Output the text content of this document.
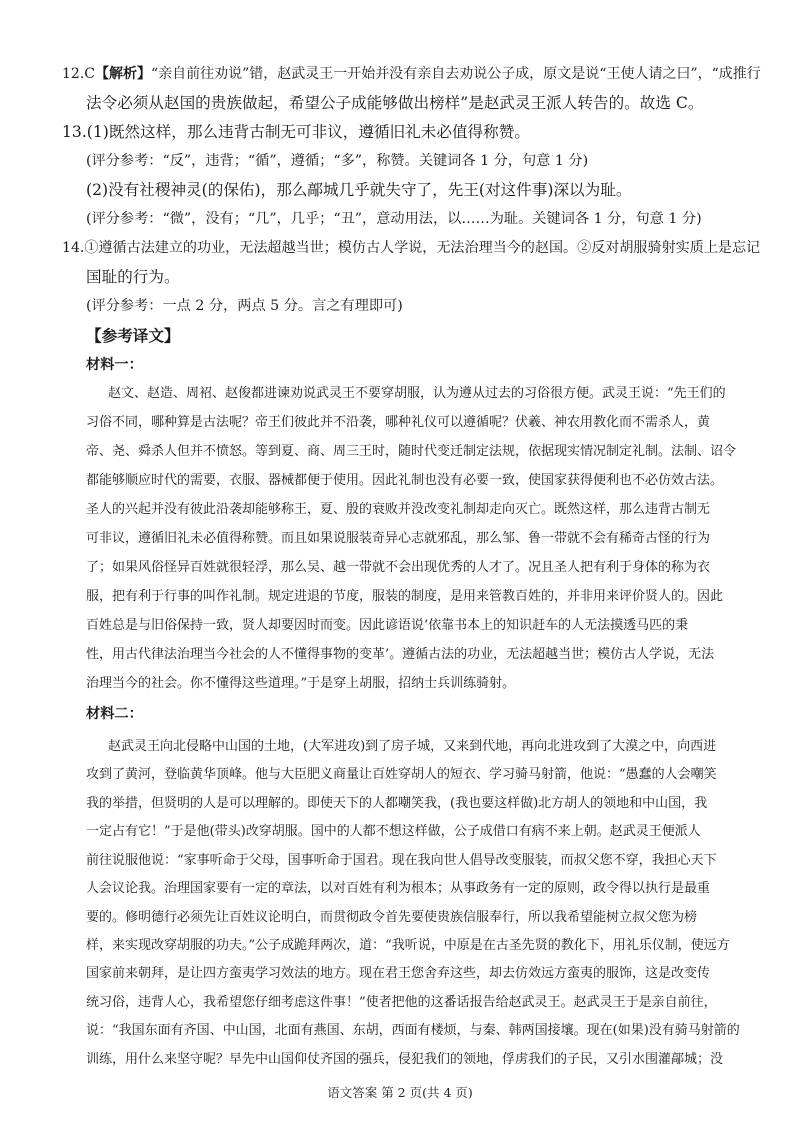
12.C【解析】“亲自前往劝说”错，赵武灵王一开始并没有亲自去劝说公子成，原文是说“王使人请之曰”，“成推行
法令必须从赵国的贵族做起，希望公子成能够做出榜样”是赵武灵王派人转告的。故选 C。
13.(1)既然这样，那么违背古制无可非议，遵循旧礼未必值得称赞。
(评分参考：“反”，违背；“循”，遵循；“多”，称赞。关键词各 1 分，句意 1 分)
(2)没有社稷神灵(的保佑)，那么鄗城几乎就失守了，先王(对这件事)深以为耻。
(评分参考：“微”，没有；“几”，几乎；“丑”，意动用法，以……为耻。关键词各 1 分，句意 1 分)
14.①遵循古法建立的功业，无法超越当世；模仿古人学说，无法治理当今的赵国。②反对胡服骑射实质上是忘记
国耻的行为。
(评分参考：一点 2 分，两点 5 分。言之有理即可)
【参考译文】
材料一：
赵文、赵造、周袑、赵俊都进谏劝说武灵王不要穿胡服，认为遵从过去的习俗很方便。武灵王说：“先王们的
习俗不同，哪种算是古法呢？帝王们彼此并不沿袭，哪种礼仪可以遵循呢？伏羲、神农用教化而不需杀人，黄
帝、尧、舜杀人但并不愤怒。等到夏、商、周三王时，随时代变迁制定法规，依据现实情况制定礼制。法制、诏令
都能够顺应时代的需要，衣服、器械都便于使用。因此礼制也没有必要一致，使国家获得便利也不必仿效古法。
圣人的兴起并没有彼此沿袭却能够称王，夏、殷的衰败并没改变礼制却走向灭亡。既然这样，那么违背古制无
可非议，遵循旧礼未必值得称赞。而且如果说服装奇异心志就邪乱，那么邹、鲁一带就不会有稀奇古怪的行为
了；如果风俗怪异百姓就很轻浮，那么吴、越一带就不会出现优秀的人才了。况且圣人把有利于身体的称为衣
服，把有利于行事的叫作礼制。规定进退的节度，服装的制度，是用来管教百姓的，并非用来评价贤人的。因此
百姓总是与旧俗保持一致，贤人却要因时而变。因此谚语说‘依靠书本上的知识赶车的人无法摸透马匹的秉
性，用古代律法治理当今社会的人不懂得事物的变革’。遵循古法的功业，无法超越当世；模仿古人学说，无法
治理当今的社会。你不懂得这些道理。”于是穿上胡服，招纳士兵训练骑射。
材料二：
赵武灵王向北侵略中山国的土地，(大军进攻)到了房子城，又来到代地，再向北进攻到了大漠之中，向西进
攻到了黄河，登临黄华顶峰。他与大臣肥义商量让百姓穿胡人的短衣、学习骑马射箭，他说：“愚蠢的人会嘲笑
我的举措，但贤明的人是可以理解的。即使天下的人都嘲笑我，(我也要这样做)北方胡人的领地和中山国，我
一定占有它！”于是他(带头)改穿胡服。国中的人都不想这样做，公子成借口有病不来上朝。赵武灵王便派人
前往说服他说：“家事听命于父母，国事听命于国君。现在我向世人倡导改变服装，而叔父您不穿，我担心天下
人会议论我。治理国家要有一定的章法，以对百姓有利为根本；从事政务有一定的原则，政令得以执行是最重
要的。修明德行必须先让百姓议论明白，而贯彻政令首先要使贵族信服奉行，所以我希望能树立叔父您为榜
样，来实现改穿胡服的功夫。”公子成跪拜两次，道：“我听说，中原是在古圣先贤的教化下，用礼乐仪制，使远方
国家前来朝拜，是让四方蛮夷学习效法的地方。现在君王您舍弃这些，却去仿效远方蛮夷的服饰，这是改变传
统习俗，违背人心，我希望您仔细考虑这件事！”使者把他的这番话报告给赵武灵王。赵武灵王于是亲自前往，
说：“我国东面有齐国、中山国，北面有燕国、东胡，西面有楼烦，与秦、韩两国接壤。现在(如果)没有骑马射箭的
训练，用什么来坚守呢？早先中山国仰仗齐国的强兵，侵犯我们的领地，俘虏我们的子民，又引水围灌鄗城；没
语文答案 第 2 页(共 4 页)
